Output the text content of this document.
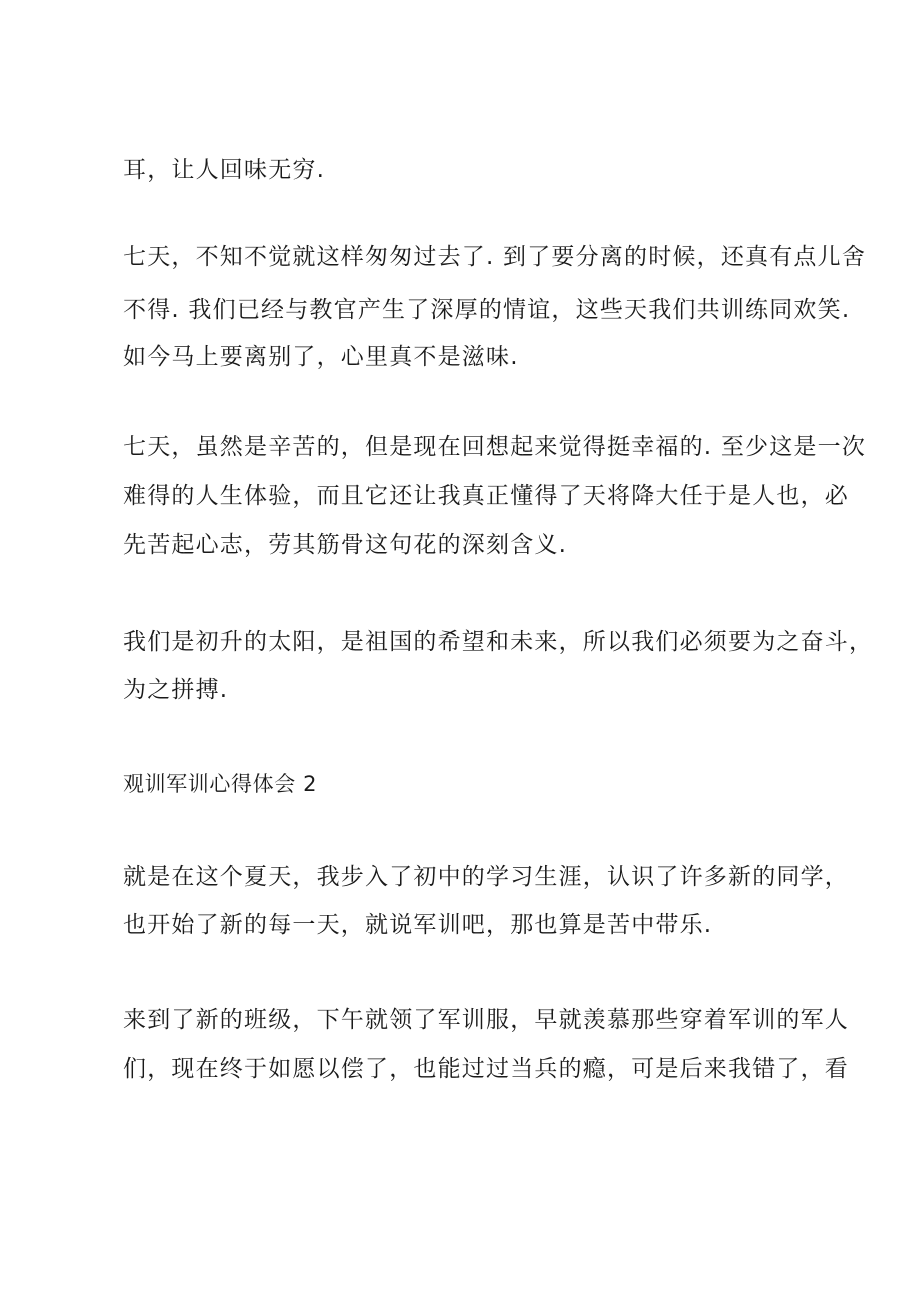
耳，让人回味无穷.
七天，不知不觉就这样匆匆过去了. 到了要分离的时候，还真有点儿舍
不得. 我们已经与教官产生了深厚的情谊，这些天我们共训练同欢笑.
如今马上要离别了，心里真不是滋味.
七天，虽然是辛苦的，但是现在回想起来觉得挺幸福的. 至少这是一次
难得的人生体验，而且它还让我真正懂得了天将降大任于是人也，必
先苦起心志，劳其筋骨这句花的深刻含义.
我们是初升的太阳，是祖国的希望和未来，所以我们必须要为之奋斗，
为之拼搏.
观训军训心得体会 2
就是在这个夏天，我步入了初中的学习生涯，认识了许多新的同学，
也开始了新的每一天，就说军训吧，那也算是苦中带乐.
来到了新的班级，下午就领了军训服，早就羡慕那些穿着军训的军人
们，现在终于如愿以偿了，也能过过当兵的瘾，可是后来我错了，看
